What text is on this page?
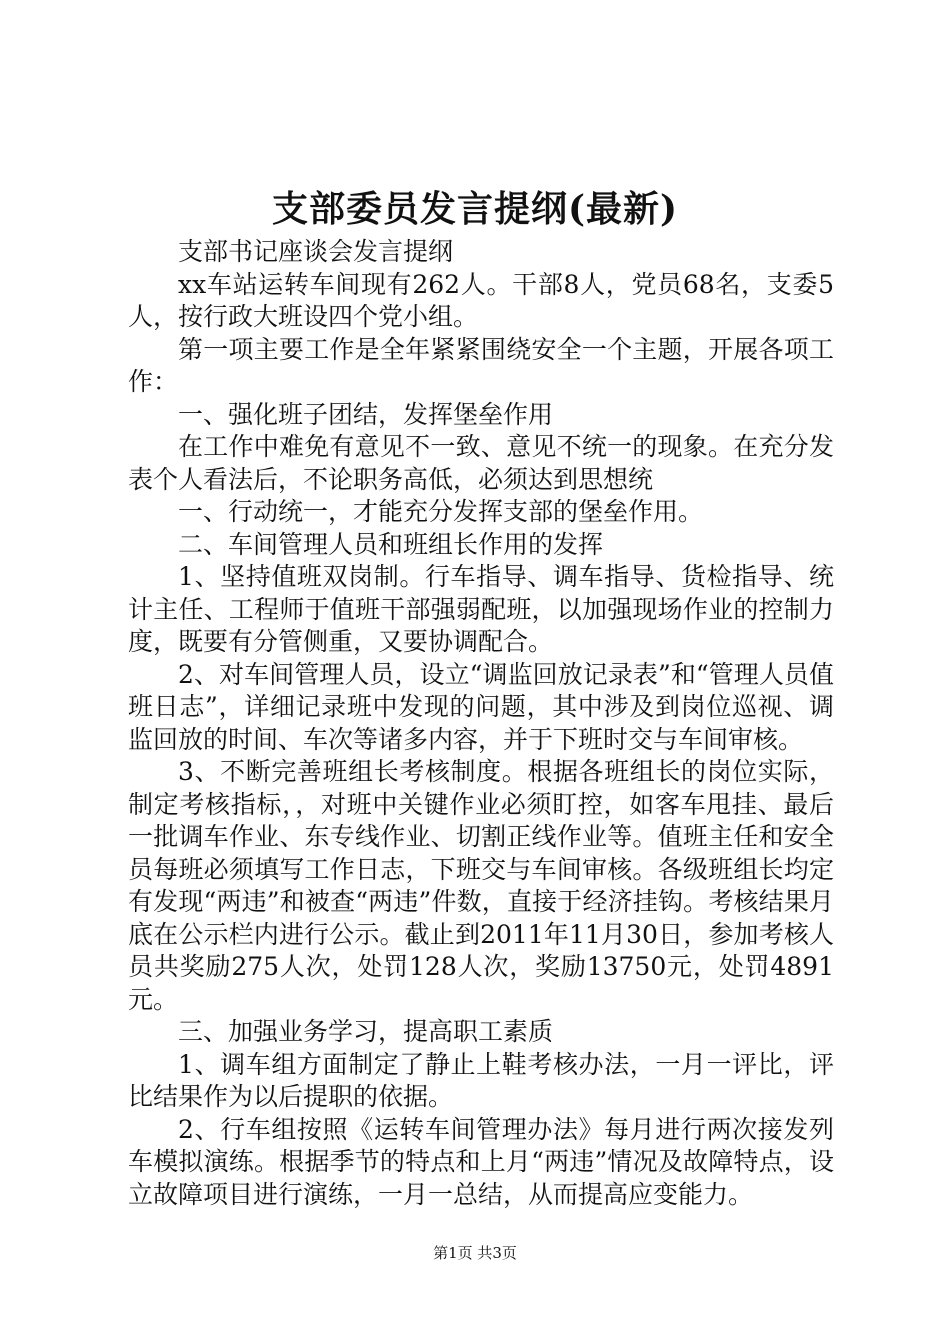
支部委员发言提纲(最新)

支部书记座谈会发言提纲

xx车站运转车间现有262人。干部8人，党员68名，支委5人，按行政大班设四个党小组。

第一项主要工作是全年紧紧围绕安全一个主题，开展各项工作：

一、强化班子团结，发挥堡垒作用

在工作中难免有意见不一致、意见不统一的现象。在充分发表个人看法后，不论职务高低，必须达到思想统

一、行动统一，才能充分发挥支部的堡垒作用。

二、车间管理人员和班组长作用的发挥

1、坚持值班双岗制。行车指导、调车指导、货检指导、统计主任、工程师于值班干部强弱配班，以加强现场作业的控制力度，既要有分管侧重，又要协调配合。

2、对车间管理人员，设立“调监回放记录表”和“管理人员值班日志”，详细记录班中发现的问题，其中涉及到岗位巡视、调监回放的时间、车次等诸多内容，并于下班时交与车间审核。

3、不断完善班组长考核制度。根据各班组长的岗位实际，制定考核指标，，对班中关键作业必须盯控，如客车甩挂、最后一批调车作业、东专线作业、切割正线作业等。值班主任和安全员每班必须填写工作日志，下班交与车间审核。各级班组长均定有发现“两违”和被查“两违”件数，直接于经济挂钩。考核结果月底在公示栏内进行公示。截止到2011年11月30日，参加考核人员共奖励275人次，处罚128人次，奖励13750元，处罚4891元。

三、加强业务学习，提高职工素质

1、调车组方面制定了静止上鞋考核办法，一月一评比，评比结果作为以后提职的依据。

2、行车组按照《运转车间管理办法》每月进行两次接发列车模拟演练。根据季节的特点和上月“两违”情况及故障特点，设立故障项目进行演练，一月一总结，从而提高应变能力。

第1页 共3页
